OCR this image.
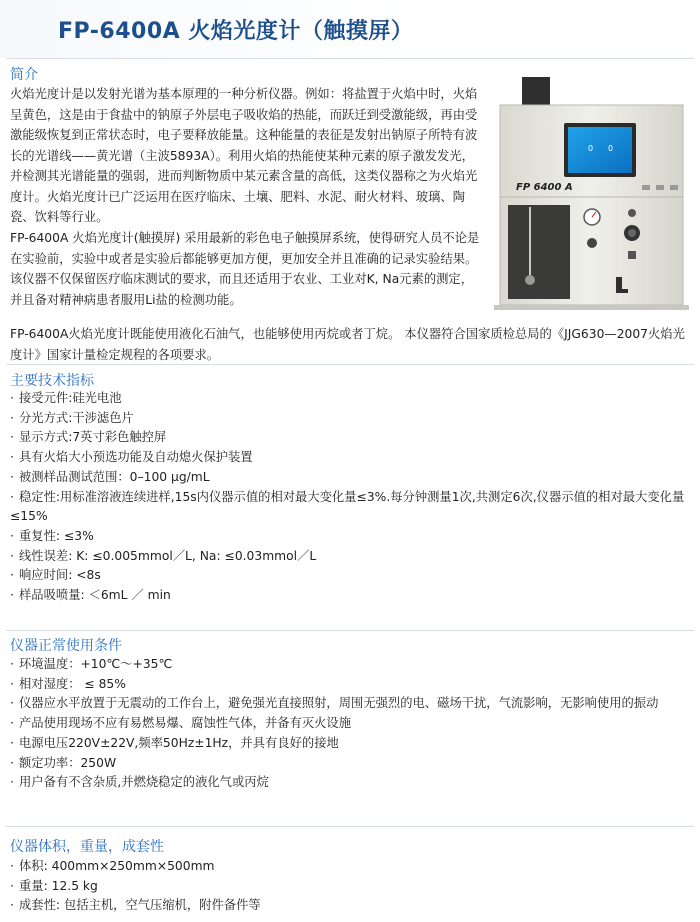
FP-6400A 火焰光度计（触摸屏）
简介
火焰光度计是以发射光谱为基本原理的一种分析仪器。例如：将盐置于火焰中时，火焰呈黄色，这是由于食盐中的钠原子外层电子吸收焰的热能，而跃迁到受激能级，再由受激能级恢复到正常状态时，电子要释放能量。这种能量的表征是发射出钠原子所特有波长的光谱线——黄光谱（主波5893A）。利用火焰的热能使某种元素的原子激发发光，并检测其光谱能量的强弱，进而判断物质中某元素含量的高低，这类仪器称之为火焰光度计。火焰光度计已广泛运用在医疗临床、土壤、肥料、水泥、耐火材料、玻璃、陶瓷、饮料等行业。
FP-6400A 火焰光度计(触摸屏) 采用最新的彩色电子触摸屏系统，使得研究人员不论是在实验前，实验中或者是实验后都能够更加方便，更加安全并且准确的记录实验结果。该仪器不仅保留医疗临床测试的要求，而且还适用于农业、工业对K, Na元素的测定，并且备对精神病患者服用Li盐的检测功能。
FP-6400A火焰光度计既能使用液化石油气，也能够使用丙烷或者丁烷。 本仪器符合国家质检总局的《JJG630—2007火焰光度计》国家计量检定规程的各项要求。
0 0
FP 6400 A
主要技术指标
· 接受元件:硅光电池
· 分光方式:干涉滤色片
· 显示方式:7英寸彩色触控屏
· 具有火焰大小预选功能及自动熄火保护装置
· 被测样品测试范围：0–100 μg/mL
· 稳定性:用标准溶液连续进样,15s内仪器示值的相对最大变化量≤3%.每分钟测量1次,共测定6次,仪器示值的相对最大变化量≤15%
· 重复性: ≤3%
· 线性误差: K: ≤0.005mmol／L, Na: ≤0.03mmol／L
· 响应时间: <8s
· 样品吸喷量: ＜6mL ／ min
仪器正常使用条件
· 环境温度：+10℃～+35℃
· 相对湿度： ≤ 85%
· 仪器应水平放置于无震动的工作台上，避免强光直接照射，周围无强烈的电、磁场干扰，气流影响，无影响使用的振动
· 产品使用现场不应有易燃易爆、腐蚀性气体，并备有灭火设施
· 电源电压220V±22V,频率50Hz±1Hz，并具有良好的接地
· 额定功率：250W
· 用户备有不含杂质,并燃烧稳定的液化气或丙烷
仪器体积，重量，成套性
· 体积: 400mm×250mm×500mm
· 重量: 12.5 kg
· 成套性: 包括主机，空气压缩机，附件备件等
